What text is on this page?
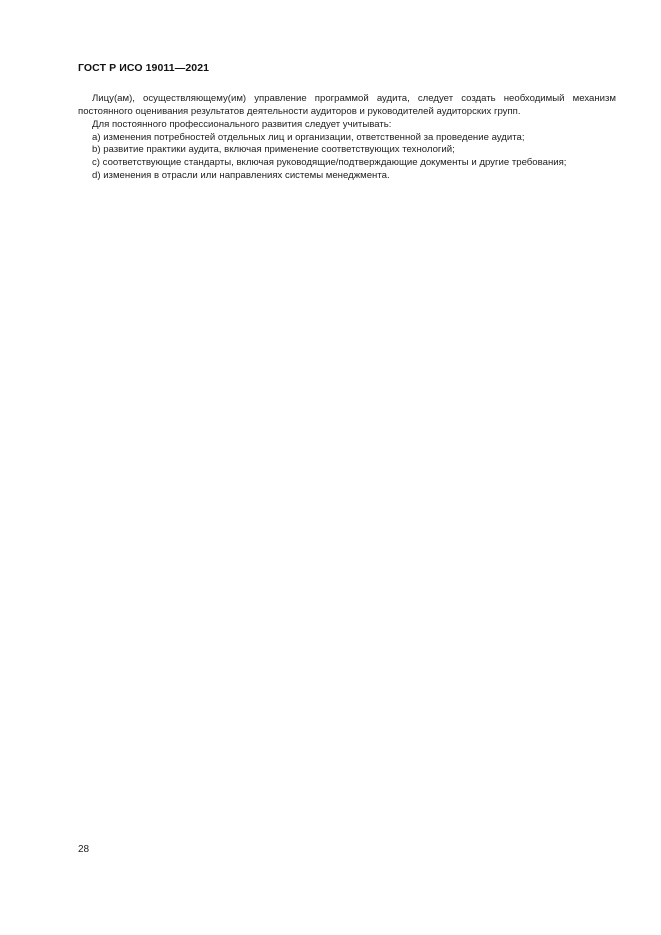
ГОСТ Р ИСО 19011—2021

Лицу(ам), осуществляющему(им) управление программой аудита, следует создать необходимый механизм постоянного оценивания результатов деятельности аудиторов и руководителей аудиторских групп.

Для постоянного профессионального развития следует учитывать:

a) изменения потребностей отдельных лиц и организации, ответственной за проведение аудита;

b) развитие практики аудита, включая применение соответствующих технологий;

c) соответствующие стандарты, включая руководящие/подтверждающие документы и другие требования;

d) изменения в отрасли или направлениях системы менеджмента.

28
